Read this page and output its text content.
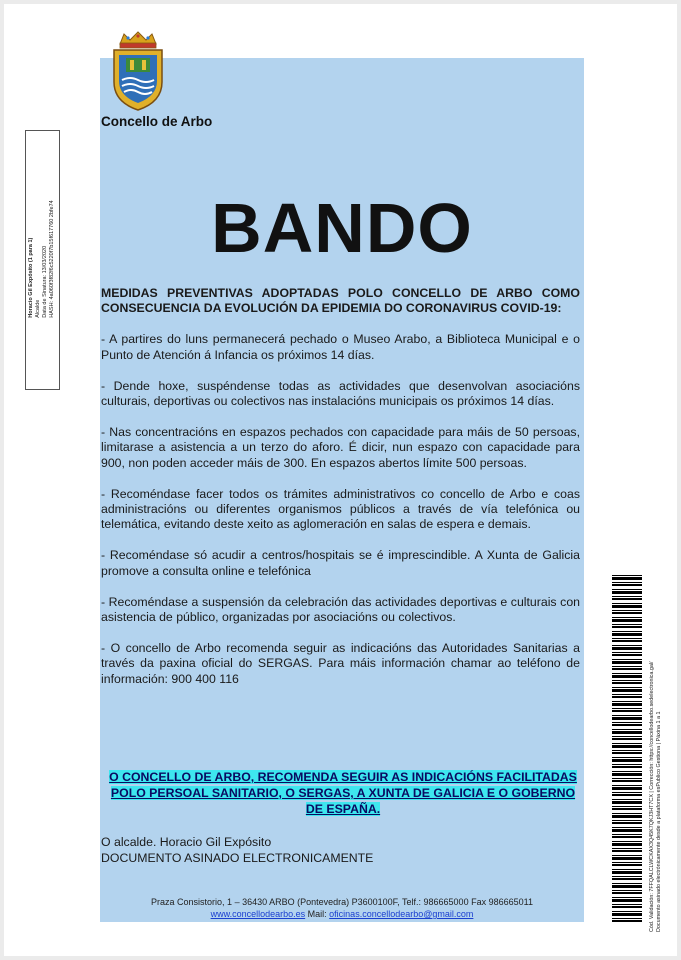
Concello de Arbo
Horacio Gil Expósito (1 para 1) Alcalde Data de Sinatura: 13/03/2020 HASH: 4a060f3f82f6c5220f7b15f617760 2bfe74	BANDO

MEDIDAS PREVENTIVAS ADOPTADAS POLO CONCELLO DE ARBO COMO CONSECUENCIA DA EVOLUCIÓN DA EPIDEMIA DO CORONAVIRUS COVID-19:

- A partires do luns permanecerá pechado o Museo Arabo, a Biblioteca Municipal e o Punto de Atención á Infancia os próximos 14 días.

- Dende hoxe, suspéndense todas as actividades que desenvolvan asociacións culturais, deportivas ou colectivos nas instalacións municipais os próximos 14 días.

- Nas concentracións en espazos pechados con capacidade para máis de 50 persoas, limitarase a asistencia a un terzo do aforo. É dicir, nun espazo con capacidade para 900, non poden acceder máis de 300. En espazos abertos límite 500 persoas.

- Recoméndase facer todos os trámites administrativos co concello de Arbo e coas administracións ou diferentes organismos públicos a través de vía telefónica ou telemática, evitando deste xeito as aglomeración en salas de espera e demais.

- Recoméndase só acudir a centros/hospitais se é imprescindible. A Xunta de Galicia promove a consulta online e telefónica

- Recoméndase a suspensión da celebración das actividades deportivas e culturais con asistencia de público, organizadas por asociacións ou colectivos.

- O concello de Arbo recomenda seguir as indicacións das Autoridades Sanitarias a través da paxina oficial do SERGAS. Para máis información chamar ao teléfono de información: 900 400 116

O CONCELLO DE ARBO, RECOMENDA SEGUIR AS INDICACIÓNS FACILITADAS POLO PERSOAL SANITARIO, O SERGAS, A XUNTA DE GALICIA E O GOBERNO DE ESPAÑA.
O alcalde. Horacio Gil Expósito
DOCUMENTO ASINADO ELECTRONICAMENTE
Praza Consistorio, 1 – 36430 ARBO (Pontevedra) P3600100F, Telf.: 986665000 Fax 986665011
www.concellodearbo.es Mail: oficinas.concellodearbo@gmail.com	Cód. Validación: 7FFQALCLWCKAX3Q45K7QKJ3HT7CX | Corrección: https://concellodearbo.sedelectronica.gal/ Documento asinado electrónicamente desde a plataforma esPublico Gestiona | Páxina 1 a 1
